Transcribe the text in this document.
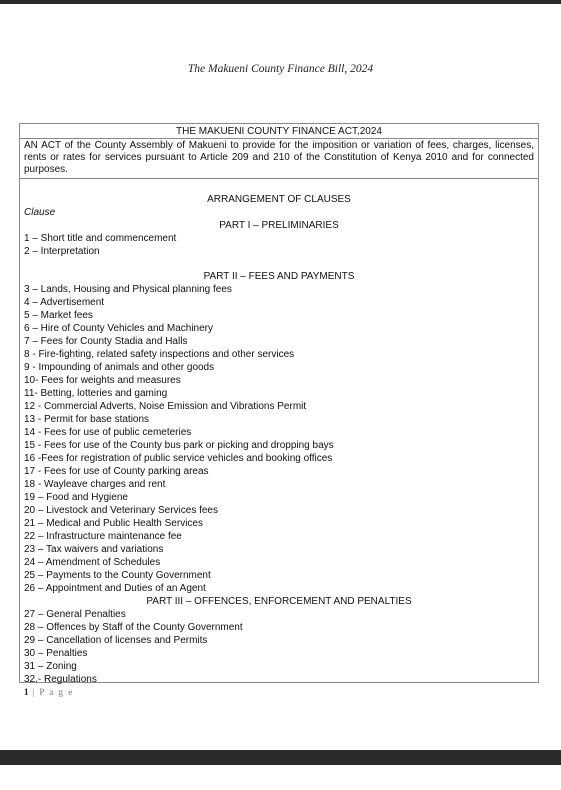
The Makueni County Finance Bill, 2024
THE MAKUENI COUNTY FINANCE ACT,2024
AN ACT of the County Assembly of Makueni to provide for the imposition or variation of fees, charges, licenses, rents or rates for services pursuant to Article 209 and 210 of the Constitution of Kenya 2010 and for connected purposes.
ARRANGEMENT OF CLAUSES
Clause
PART I – PRELIMINARIES
1 – Short title and commencement
2 – Interpretation
PART II – FEES AND PAYMENTS
3 – Lands, Housing and Physical planning fees
4 – Advertisement
5 – Market fees
6 – Hire of County Vehicles and Machinery
7 – Fees for County Stadia and Halls
8 - Fire-fighting, related safety inspections and other services
9 - Impounding of animals and other goods
10- Fees for weights and measures
11- Betting, lotteries and gaming
12 - Commercial Adverts, Noise Emission and Vibrations Permit
13 - Permit for base stations
14 - Fees for use of public cemeteries
15 - Fees for use of the County bus park or picking and dropping bays
16 -Fees for registration of public service vehicles and booking offices
17 - Fees for use of County parking areas
18 - Wayleave charges and rent
19 – Food and Hygiene
20 – Livestock and Veterinary Services fees
21 – Medical and Public Health Services
22 – Infrastructure maintenance fee
23 – Tax waivers and variations
24 – Amendment of Schedules
25 – Payments to the County Government
26 – Appointment and Duties of an Agent
PART III – OFFENCES, ENFORCEMENT AND PENALTIES
27 – General Penalties
28 – Offences by Staff of the County Government
29 – Cancellation of licenses and Permits
30 – Penalties
31 – Zoning
32.- Regulations
1 | P a g e
